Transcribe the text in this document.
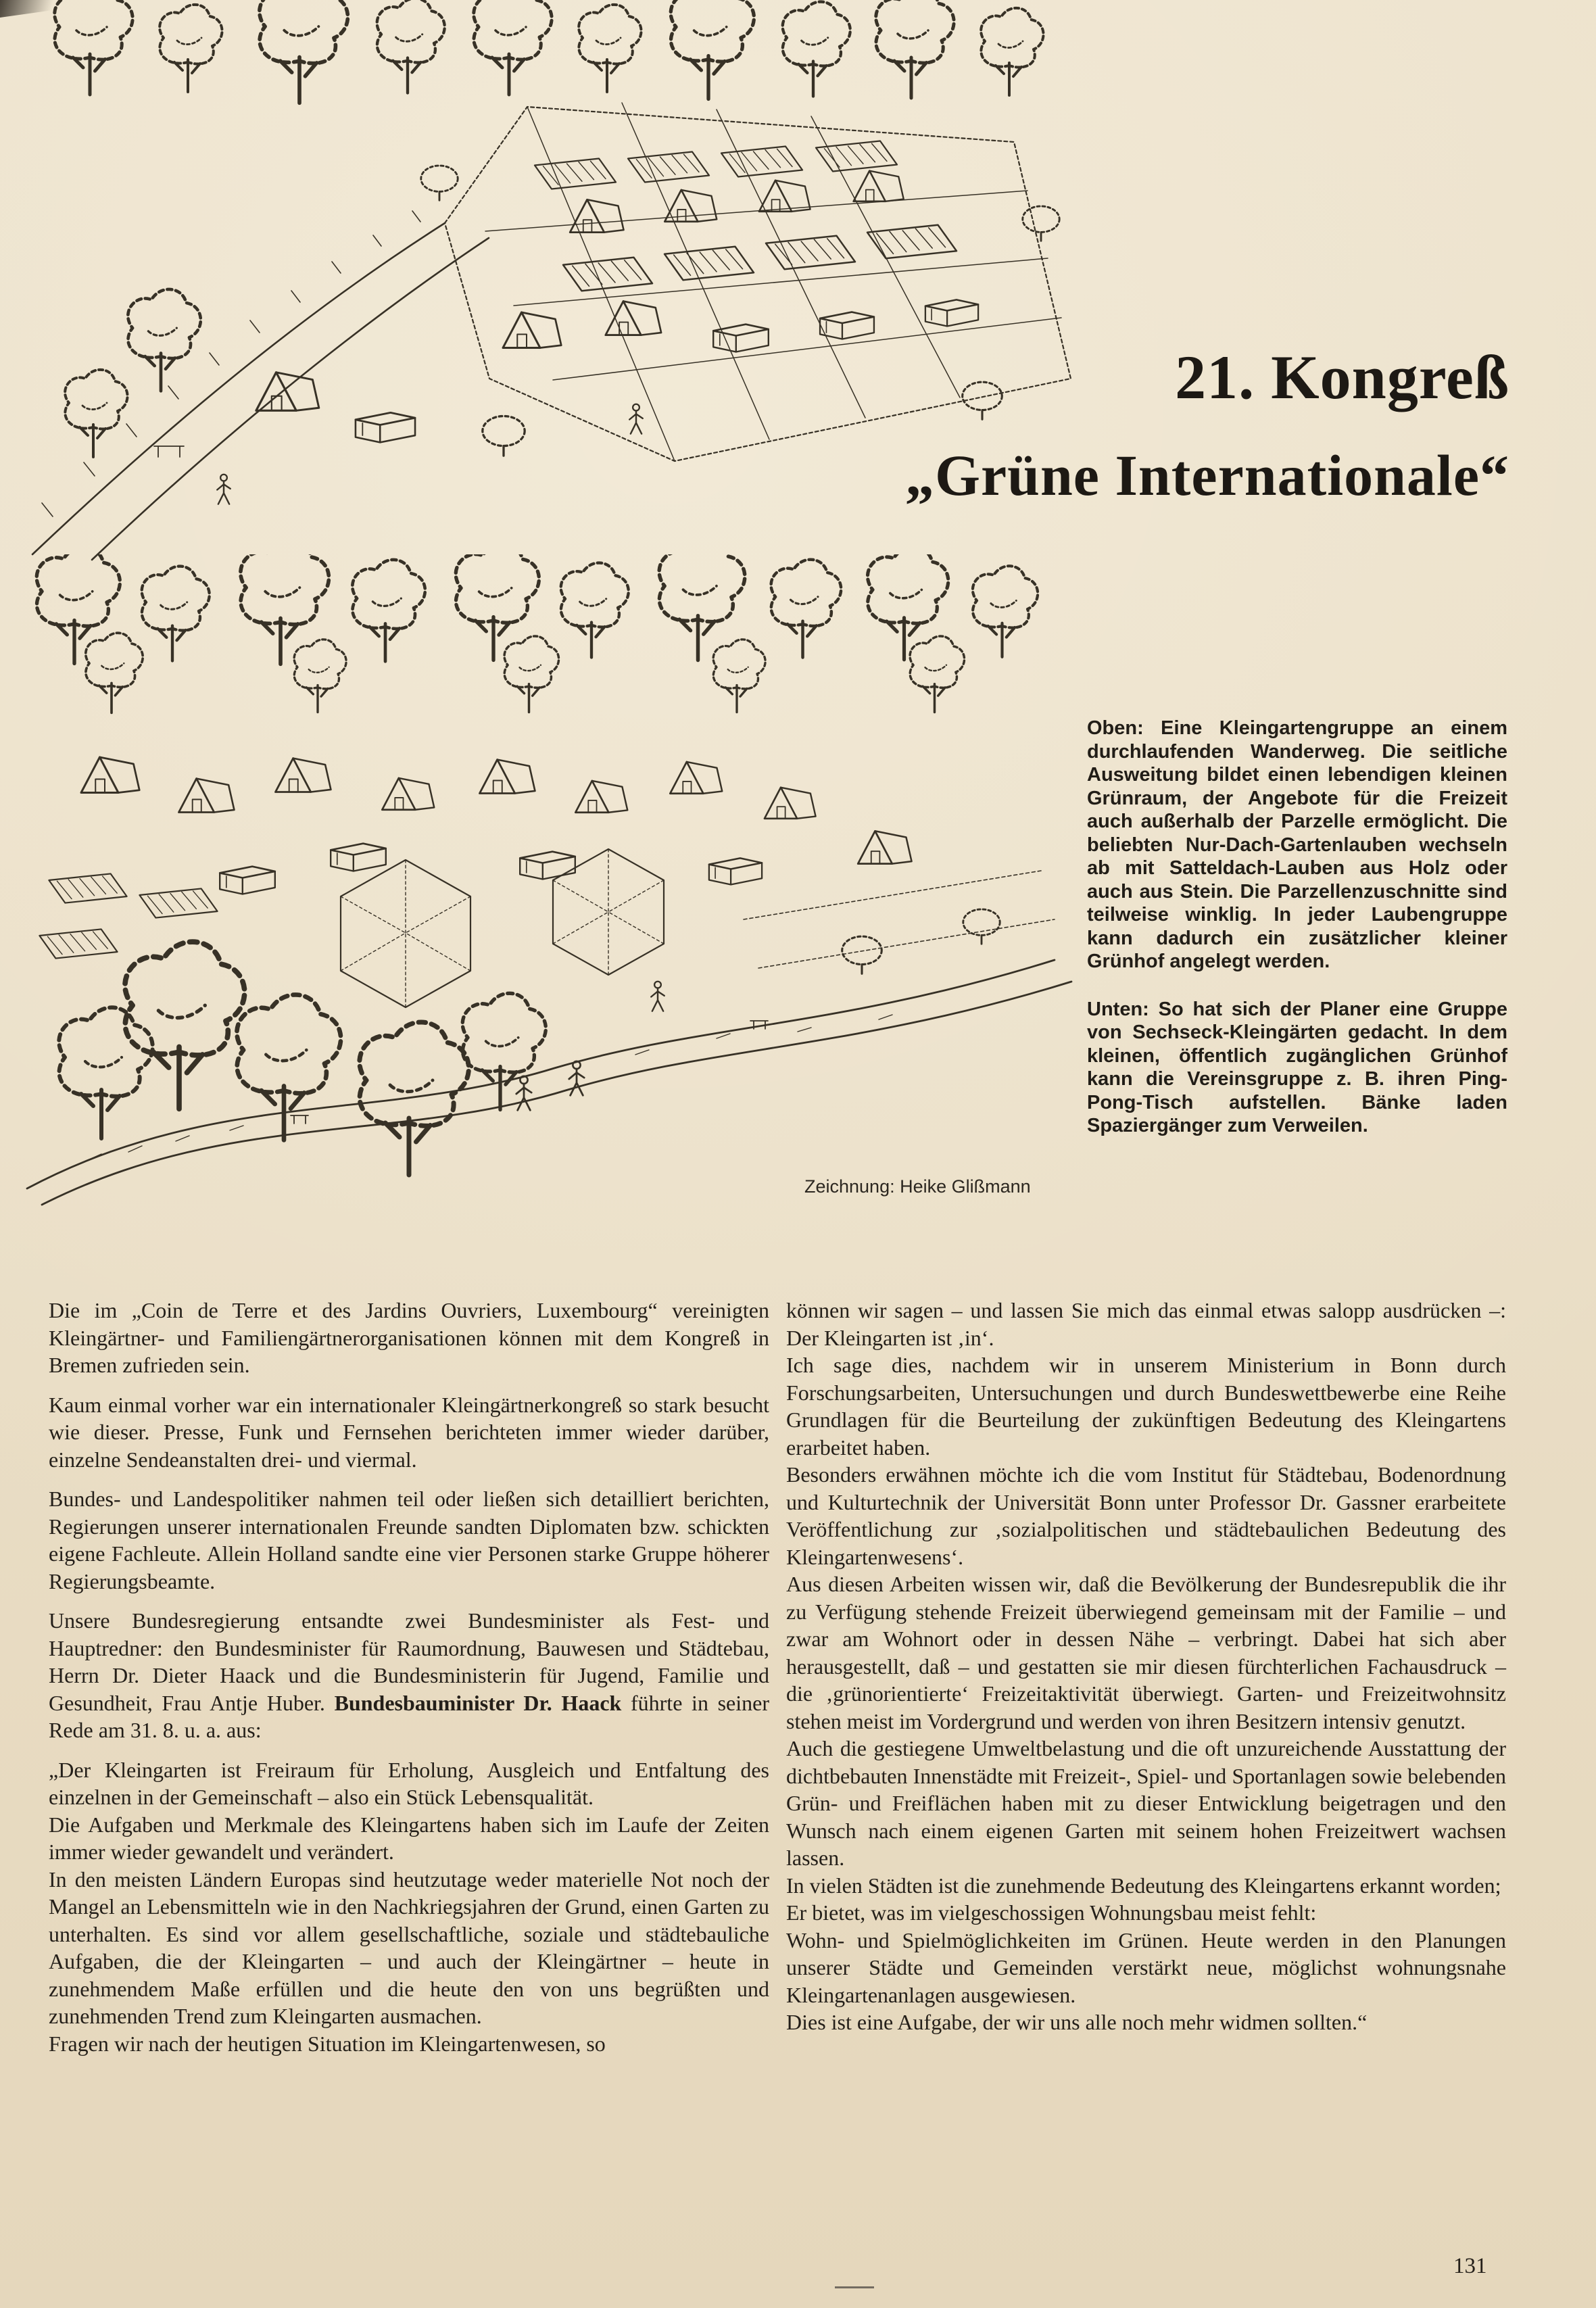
21. Kongreß
„Grüne Internationale“
Oben: Eine Kleingartengruppe an einem durchlaufenden Wanderweg. Die seitliche Ausweitung bildet einen lebendigen kleinen Grünraum, der Angebote für die Freizeit auch außerhalb der Parzelle ermöglicht. Die beliebten Nur-Dach-Gartenlauben wechseln ab mit Satteldach-Lauben aus Holz oder auch aus Stein. Die Parzellenzuschnitte sind teilweise winklig. In jeder Laubengruppe kann dadurch ein zusätzlicher kleiner Grünhof angelegt werden.
Unten: So hat sich der Planer eine Gruppe von Sechseck-Kleingärten gedacht. In dem kleinen, öffentlich zugänglichen Grünhof kann die Vereinsgruppe z. B. ihren Ping-Pong-Tisch aufstellen. Bänke laden Spaziergänger zum Verweilen.
Zeichnung: Heike Glißmann

Die im „Coin de Terre et des Jardins Ouvriers, Luxembourg“ vereinigten Kleingärtner- und Familiengärtnerorganisationen können mit dem Kongreß in Bremen zufrieden sein.

Kaum einmal vorher war ein internationaler Kleingärtnerkongreß so stark besucht wie dieser. Presse, Funk und Fernsehen berichteten immer wieder darüber, einzelne Sendeanstalten drei- und viermal.

Bundes- und Landespolitiker nahmen teil oder ließen sich detailliert berichten, Regierungen unserer internationalen Freunde sandten Diplomaten bzw. schickten eigene Fachleute. Allein Holland sandte eine vier Personen starke Gruppe höherer Regierungsbeamte.

Unsere Bundesregierung entsandte zwei Bundesminister als Fest- und Hauptredner: den Bundesminister für Raumordnung, Bauwesen und Städtebau, Herrn Dr. Dieter Haack und die Bundesministerin für Jugend, Familie und Gesundheit, Frau Antje Huber. Bundesbauminister Dr. Haack führte in seiner Rede am 31. 8. u. a. aus:

„Der Kleingarten ist Freiraum für Erholung, Ausgleich und Entfaltung des einzelnen in der Gemeinschaft – also ein Stück Lebensqualität.

Die Aufgaben und Merkmale des Kleingartens haben sich im Laufe der Zeiten immer wieder gewandelt und verändert.

In den meisten Ländern Europas sind heutzutage weder materielle Not noch der Mangel an Lebensmitteln wie in den Nachkriegsjahren der Grund, einen Garten zu unterhalten. Es sind vor allem gesellschaftliche, soziale und städtebauliche Aufgaben, die der Kleingarten – und auch der Kleingärtner – heute in zunehmendem Maße erfüllen und die heute den von uns begrüßten und zunehmenden Trend zum Kleingarten ausmachen.

Fragen wir nach der heutigen Situation im Kleingartenwesen, so

können wir sagen – und lassen Sie mich das einmal etwas salopp ausdrücken –: Der Kleingarten ist ‚in‘.

Ich sage dies, nachdem wir in unserem Ministerium in Bonn durch Forschungsarbeiten, Untersuchungen und durch Bundeswettbewerbe eine Reihe Grundlagen für die Beurteilung der zukünftigen Bedeutung des Kleingartens erarbeitet haben.

Besonders erwähnen möchte ich die vom Institut für Städtebau, Bodenordnung und Kulturtechnik der Universität Bonn unter Professor Dr. Gassner erarbeitete Veröffentlichung zur ‚sozialpolitischen und städtebaulichen Bedeutung des Kleingartenwesens‘.

Aus diesen Arbeiten wissen wir, daß die Bevölkerung der Bundesrepublik die ihr zu Verfügung stehende Freizeit überwiegend gemeinsam mit der Familie – und zwar am Wohnort oder in dessen Nähe – verbringt. Dabei hat sich aber herausgestellt, daß – und gestatten sie mir diesen fürchterlichen Fachausdruck – die ‚grünorientierte‘ Freizeitaktivität überwiegt. Garten- und Freizeitwohnsitz stehen meist im Vordergrund und werden von ihren Besitzern intensiv genutzt.

Auch die gestiegene Umweltbelastung und die oft unzureichende Ausstattung der dichtbebauten Innenstädte mit Freizeit-, Spiel- und Sportanlagen sowie belebenden Grün- und Freiflächen haben mit zu dieser Entwicklung beigetragen und den Wunsch nach einem eigenen Garten mit seinem hohen Freizeitwert wachsen lassen.

In vielen Städten ist die zunehmende Bedeutung des Kleingartens erkannt worden;

Er bietet, was im vielgeschossigen Wohnungsbau meist fehlt:

Wohn- und Spielmöglichkeiten im Grünen. Heute werden in den Planungen unserer Städte und Gemeinden verstärkt neue, möglichst wohnungsnahe Kleingartenanlagen ausgewiesen.

Dies ist eine Aufgabe, der wir uns alle noch mehr widmen sollten.“

131
